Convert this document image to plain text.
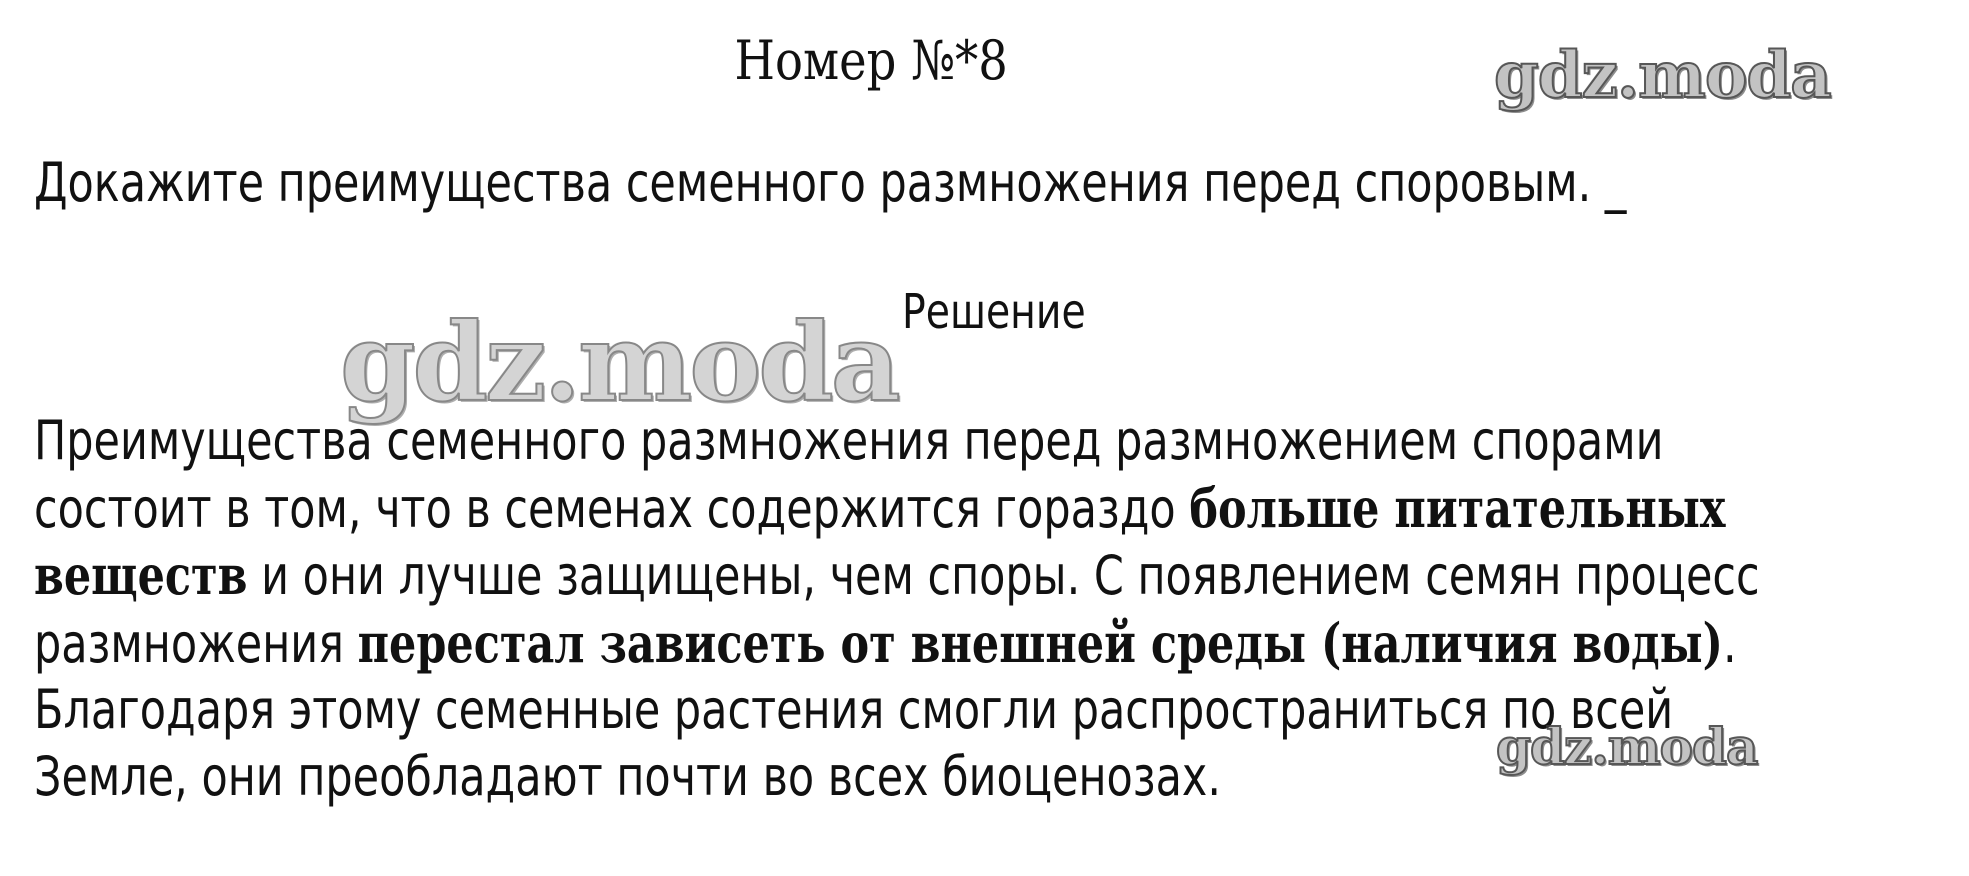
Номер №*8
Докажите преимущества семенного размножения перед споровым. _
Решение
Преимущества семенного размножения перед размножением спорами
состоит в том, что в семенах содержится гораздо больше питательных
веществ и они лучше защищены, чем споры. С появлением семян процесс
размножения перестал зависеть от внешней среды (наличия воды).
Благодаря этому семенные растения смогли распространиться по всей
Земле, они преобладают почти во всех биоценозах.
gdz.moda
gdz.moda
gdz.moda
